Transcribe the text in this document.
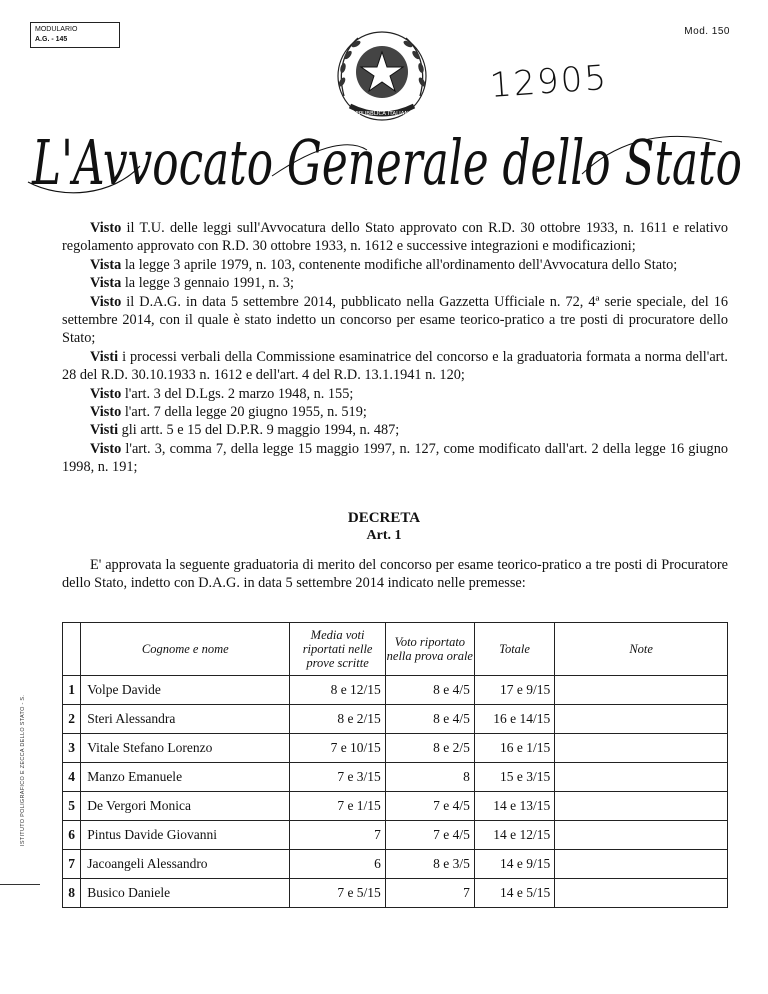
MODULARIO
A.G. - 145
Mod. 150
REPUBBLICA ITALIANA
12905
L'Avvocato Generale dello Stato

Visto il T.U. delle leggi sull'Avvocatura dello Stato approvato con R.D. 30 ottobre 1933, n. 1611 e relativo regolamento approvato con R.D. 30 ottobre 1933, n. 1612 e successive integrazioni e modificazioni;

Vista la legge 3 aprile 1979, n. 103, contenente modifiche all'ordinamento dell'Avvocatura dello Stato;

Vista la legge 3 gennaio 1991, n. 3;

Visto il D.A.G. in data 5 settembre 2014, pubblicato nella Gazzetta Ufficiale n. 72, 4ª serie speciale, del 16 settembre 2014, con il quale è stato indetto un concorso per esame teorico-pratico a tre posti di procuratore dello Stato;

Visti i processi verbali della Commissione esaminatrice del concorso e la graduatoria formata a norma dell'art. 28 del R.D. 30.10.1933 n. 1612 e dell'art. 4 del R.D. 13.1.1941 n. 120;

Visto l'art. 3 del D.Lgs. 2 marzo 1948, n. 155;

Visto l'art. 7 della legge 20 giugno 1955, n. 519;

Visti gli artt. 5 e 15 del D.P.R. 9 maggio 1994, n. 487;

Visto l'art. 3, comma 7, della legge 15 maggio 1997, n. 127, come modificato dall'art. 2 della legge 16 giugno 1998, n. 191;

DECRETA
Art. 1

E' approvata la seguente graduatoria di merito del concorso per esame teorico-pratico a tre posti di Procuratore dello Stato, indetto con D.A.G. in data 5 settembre 2014 indicato nelle premesse:

ISTITUTO POLIGRAFICO E ZECCA DELLO STATO - S.
	Cognome e nome	Media voti riportati nelle prove scritte	Voto riportato nella prova orale	Totale	Note
1	Volpe Davide	8 e 12/15	8 e 4/5	17 e 9/15	
2	Steri Alessandra	8 e 2/15	8 e 4/5	16 e 14/15	
3	Vitale Stefano Lorenzo	7 e 10/15	8 e 2/5	16 e 1/15	
4	Manzo Emanuele	7 e 3/15	8	15 e 3/15	
5	De Vergori Monica	7 e 1/15	7 e 4/5	14 e 13/15	
6	Pintus Davide Giovanni	7	7 e 4/5	14 e 12/15	
7	Jacoangeli Alessandro	6	8 e 3/5	14 e 9/15	
8	Busico Daniele	7 e 5/15	7	14 e 5/15	
